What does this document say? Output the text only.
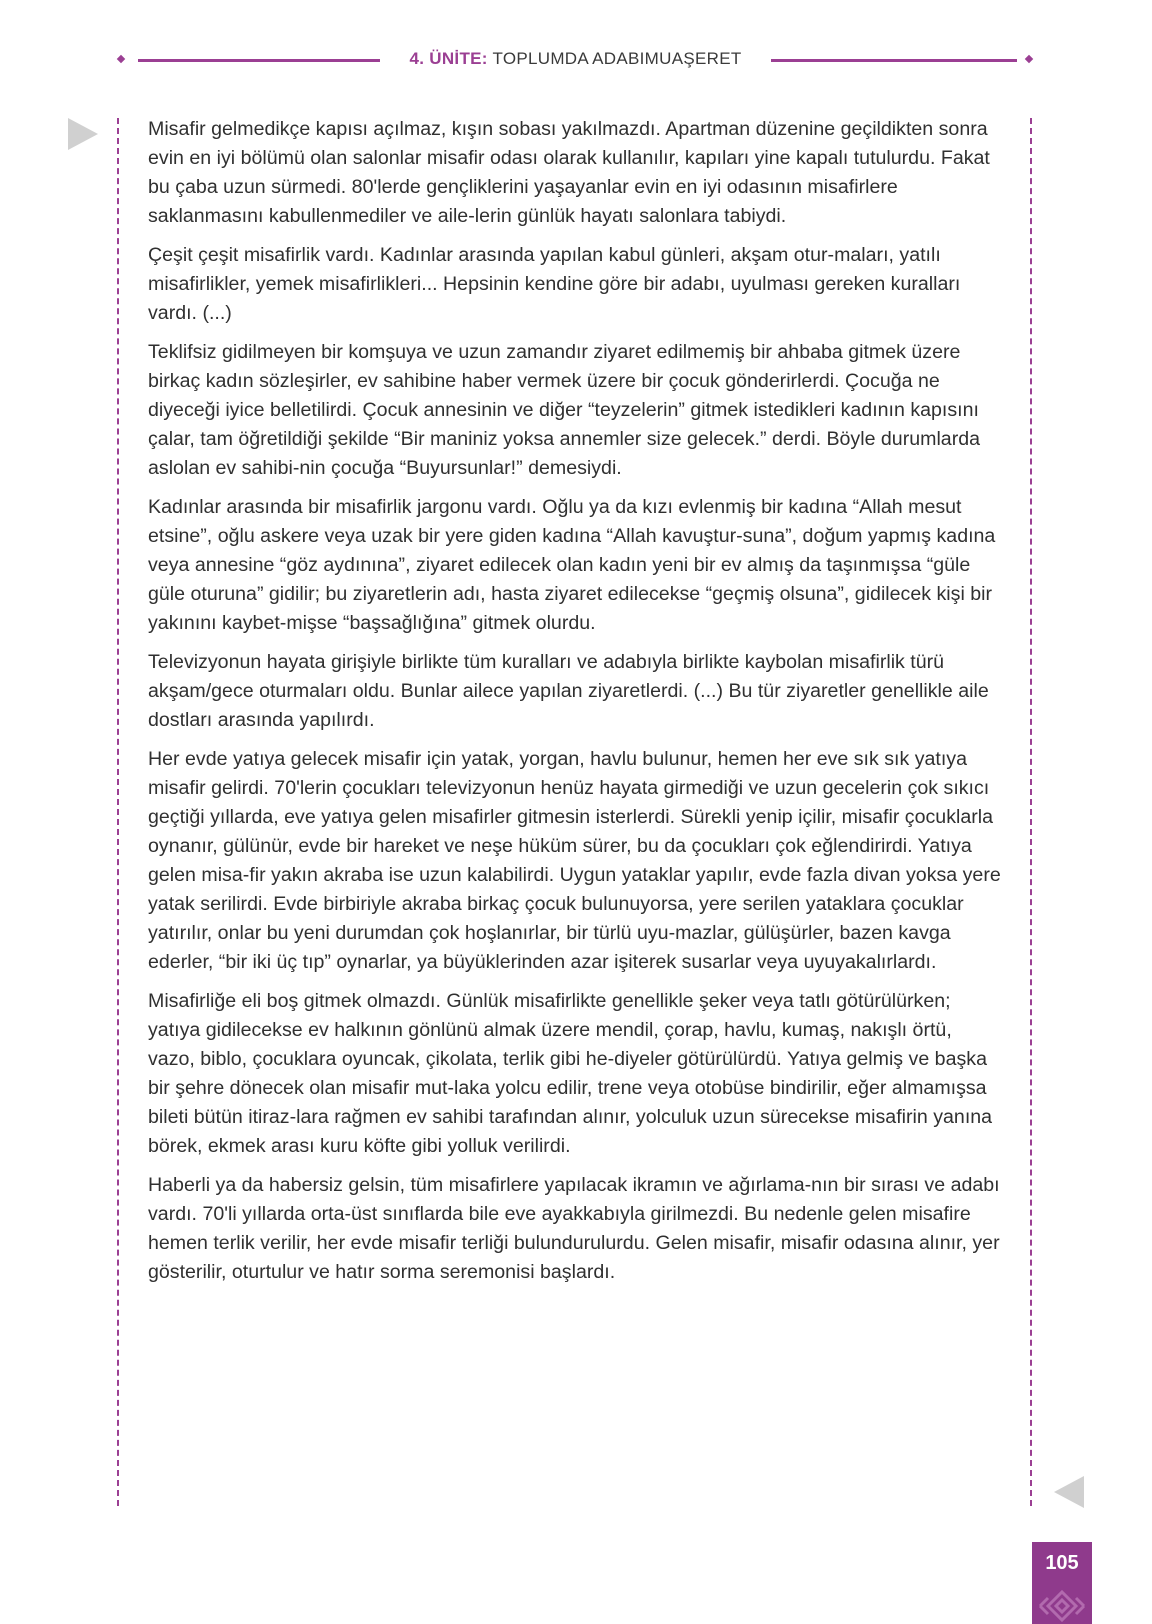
4. ÜNİTE: TOPLUMDA ADABIMUAŞERET

Misafir gelmedikçe kapısı açılmaz, kışın sobası yakılmazdı. Apartman düzenine geçildikten sonra evin en iyi bölümü olan salonlar misafir odası olarak kullanılır, kapıları yine kapalı tutulurdu. Fakat bu çaba uzun sürmedi. 80'lerde gençliklerini yaşayanlar evin en iyi odasının misafirlere saklanmasını kabullenmediler ve aile-lerin günlük hayatı salonlara tabiydi.

Çeşit çeşit misafirlik vardı. Kadınlar arasında yapılan kabul günleri, akşam otur-maları, yatılı misafirlikler, yemek misafirlikleri... Hepsinin kendine göre bir adabı, uyulması gereken kuralları vardı. (...)

Teklifsiz gidilmeyen bir komşuya ve uzun zamandır ziyaret edilmemiş bir ahbaba gitmek üzere birkaç kadın sözleşirler, ev sahibine haber vermek üzere bir çocuk gönderirlerdi. Çocuğa ne diyeceği iyice belletilirdi. Çocuk annesinin ve diğer “teyzelerin” gitmek istedikleri kadının kapısını çalar, tam öğretildiği şekilde “Bir maniniz yoksa annemler size gelecek.” derdi. Böyle durumlarda aslolan ev sahibi-nin çocuğa “Buyursunlar!” demesiydi.

Kadınlar arasında bir misafirlik jargonu vardı. Oğlu ya da kızı evlenmiş bir kadına “Allah mesut etsine”, oğlu askere veya uzak bir yere giden kadına “Allah kavuştur-suna”, doğum yapmış kadına veya annesine “göz aydınına”, ziyaret edilecek olan kadın yeni bir ev almış da taşınmışsa “güle güle oturuna” gidilir; bu ziyaretlerin adı, hasta ziyaret edilecekse “geçmiş olsuna”, gidilecek kişi bir yakınını kaybet-mişse “başsağlığına” gitmek olurdu.

Televizyonun hayata girişiyle birlikte tüm kuralları ve adabıyla birlikte kaybolan misafirlik türü akşam/gece oturmaları oldu. Bunlar ailece yapılan ziyaretlerdi. (...) Bu tür ziyaretler genellikle aile dostları arasında yapılırdı.

Her evde yatıya gelecek misafir için yatak, yorgan, havlu bulunur, hemen her eve sık sık yatıya misafir gelirdi. 70'lerin çocukları televizyonun henüz hayata girmediği ve uzun gecelerin çok sıkıcı geçtiği yıllarda, eve yatıya gelen misafirler gitmesin isterlerdi. Sürekli yenip içilir, misafir çocuklarla oynanır, gülünür, evde bir hareket ve neşe hüküm sürer, bu da çocukları çok eğlendirirdi. Yatıya gelen misa-fir yakın akraba ise uzun kalabilirdi. Uygun yataklar yapılır, evde fazla divan yoksa yere yatak serilirdi. Evde birbiriyle akraba birkaç çocuk bulunuyorsa, yere serilen yataklara çocuklar yatırılır, onlar bu yeni durumdan çok hoşlanırlar, bir türlü uyu-mazlar, gülüşürler, bazen kavga ederler, “bir iki üç tıp” oynarlar, ya büyüklerinden azar işiterek susarlar veya uyuyakalırlardı.

Misafirliğe eli boş gitmek olmazdı. Günlük misafirlikte genellikle şeker veya tatlı götürülürken; yatıya gidilecekse ev halkının gönlünü almak üzere mendil, çorap, havlu, kumaş, nakışlı örtü, vazo, biblo, çocuklara oyuncak, çikolata, terlik gibi he-diyeler götürülürdü. Yatıya gelmiş ve başka bir şehre dönecek olan misafir mut-laka yolcu edilir, trene veya otobüse bindirilir, eğer almamışsa bileti bütün itiraz-lara rağmen ev sahibi tarafından alınır, yolculuk uzun sürecekse misafirin yanına börek, ekmek arası kuru köfte gibi yolluk verilirdi.

Haberli ya da habersiz gelsin, tüm misafirlere yapılacak ikramın ve ağırlama-nın bir sırası ve adabı vardı. 70'li yıllarda orta-üst sınıflarda bile eve ayakkabıyla girilmezdi. Bu nedenle gelen misafire hemen terlik verilir, her evde misafir terliği bulundurulurdu. Gelen misafir, misafir odasına alınır, yer gösterilir, oturtulur ve hatır sorma seremonisi başlardı.

105
